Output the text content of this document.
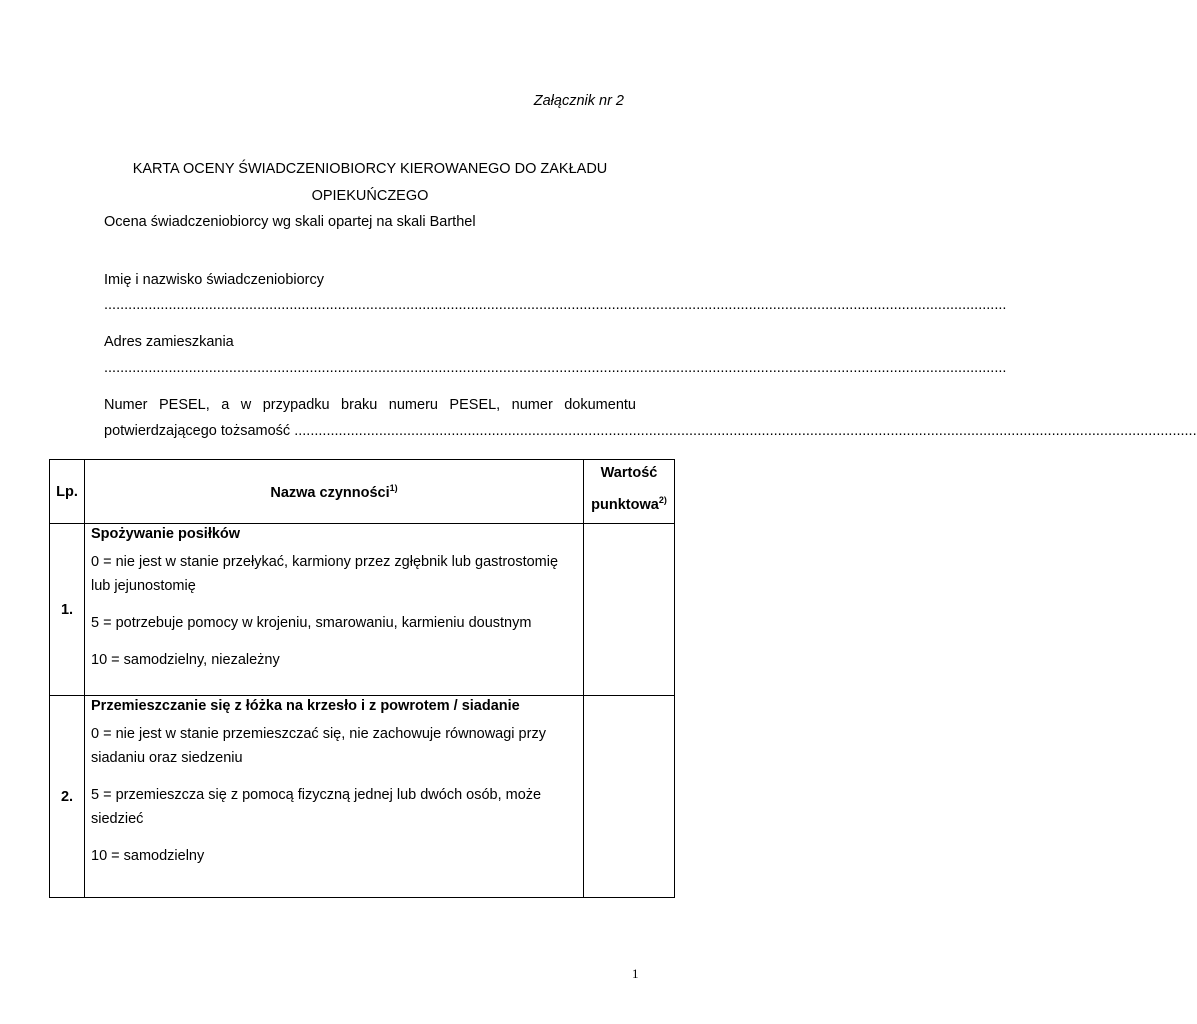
Załącznik nr 2
KARTA OCENY ŚWIADCZENIOBIORCY KIEROWANEGO DO ZAKŁADU
OPIEKUŃCZEGO
Ocena świadczeniobiorcy wg skali opartej na skali Barthel
Imię i nazwisko świadczeniobiorcy
................................................................................................................................................................................................................................
Adres zamieszkania
................................................................................................................................................................................................................................
Numer PESEL, a w przypadku braku numeru PESEL, numer dokumentu
potwierdzającego tożsamość ................................................................................................................................................................................................................................
Lp.	Nazwa czynności$^{1)}$	Wartość
punktowa$^{2)}$

1.	Spożywanie posiłków

0 = nie jest w stanie przełykać, karmiony przez zgłębnik lub gastrostomię lub jejunostomię

5 = potrzebuje pomocy w krojeniu, smarowaniu, karmieniu doustnym

10 = samodzielny, niezależny	

2.	Przemieszczanie się z łóżka na krzesło i z powrotem / siadanie

0 = nie jest w stanie przemieszczać się, nie zachowuje równowagi przy siadaniu oraz siedzeniu

5 = przemieszcza się z pomocą fizyczną jednej lub dwóch osób, może siedzieć

10 = samodzielny	

1
